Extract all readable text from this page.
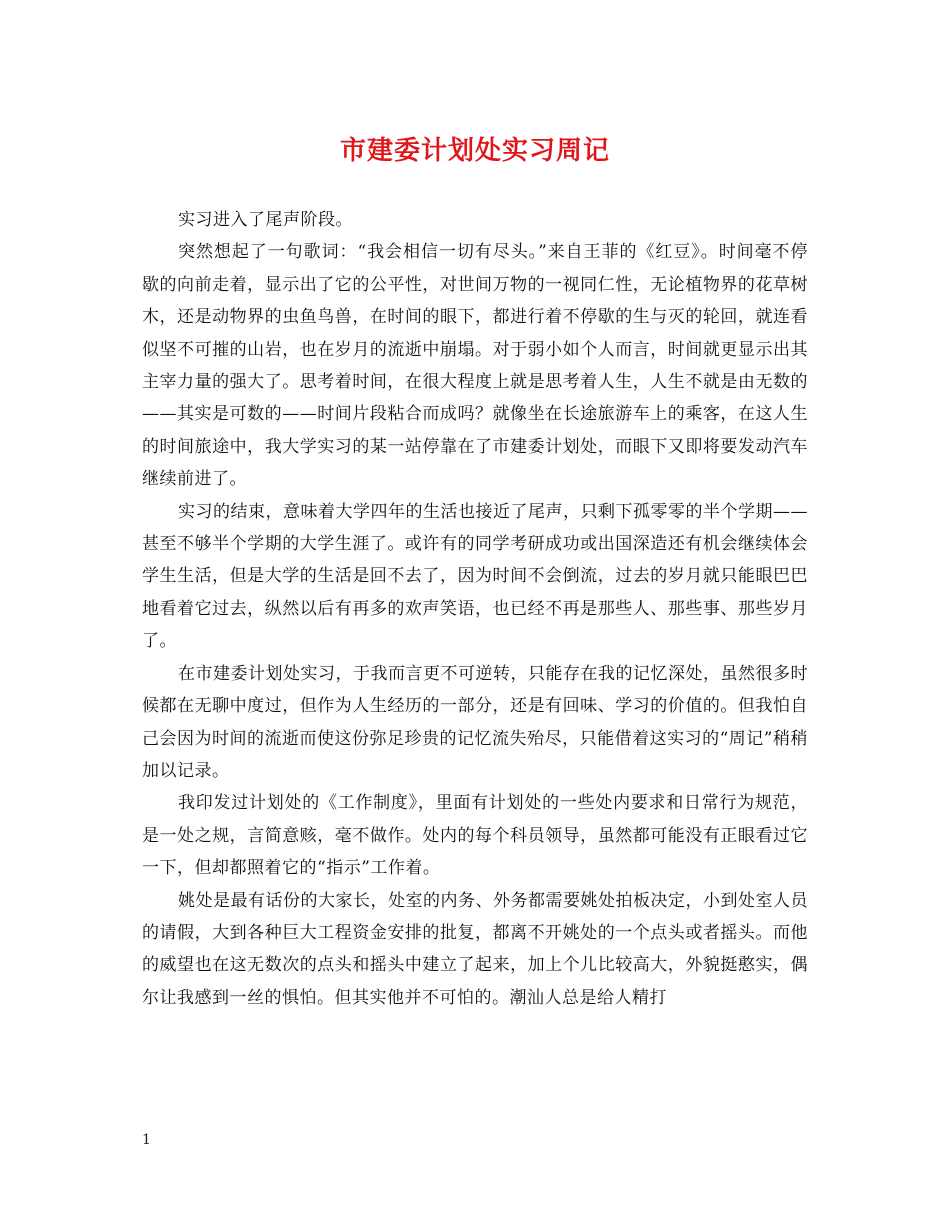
市建委计划处实习周记

实习进入了尾声阶段。

突然想起了一句歌词：“我会相信一切有尽头。”来自王菲的《红豆》。时间毫不停歇的向前走着，显示出了它的公平性，对世间万物的一视同仁性，无论植物界的花草树木，还是动物界的虫鱼鸟兽，在时间的眼下，都进行着不停歇的生与灭的轮回，就连看似坚不可摧的山岩，也在岁月的流逝中崩塌。对于弱小如个人而言，时间就更显示出其主宰力量的强大了。思考着时间，在很大程度上就是思考着人生，人生不就是由无数的——其实是可数的——时间片段粘合而成吗？就像坐在长途旅游车上的乘客，在这人生的时间旅途中，我大学实习的某一站停靠在了市建委计划处，而眼下又即将要发动汽车继续前进了。

实习的结束，意味着大学四年的生活也接近了尾声，只剩下孤零零的半个学期——甚至不够半个学期的大学生涯了。或许有的同学考研成功或出国深造还有机会继续体会学生生活，但是大学的生活是回不去了，因为时间不会倒流，过去的岁月就只能眼巴巴地看着它过去，纵然以后有再多的欢声笑语，也已经不再是那些人、那些事、那些岁月了。

在市建委计划处实习，于我而言更不可逆转，只能存在我的记忆深处，虽然很多时候都在无聊中度过，但作为人生经历的一部分，还是有回味、学习的价值的。但我怕自己会因为时间的流逝而使这份弥足珍贵的记忆流失殆尽，只能借着这实习的“周记”稍稍加以记录。

我印发过计划处的《工作制度》，里面有计划处的一些处内要求和日常行为规范，是一处之规，言简意赅，毫不做作。处内的每个科员领导，虽然都可能没有正眼看过它一下，但却都照着它的“指示”工作着。

姚处是最有话份的大家长，处室的内务、外务都需要姚处拍板决定，小到处室人员的请假，大到各种巨大工程资金安排的批复，都离不开姚处的一个点头或者摇头。而他的威望也在这无数次的点头和摇头中建立了起来，加上个儿比较高大，外貌挺憨实，偶尔让我感到一丝的惧怕。但其实他并不可怕的。潮汕人总是给人精打

1
